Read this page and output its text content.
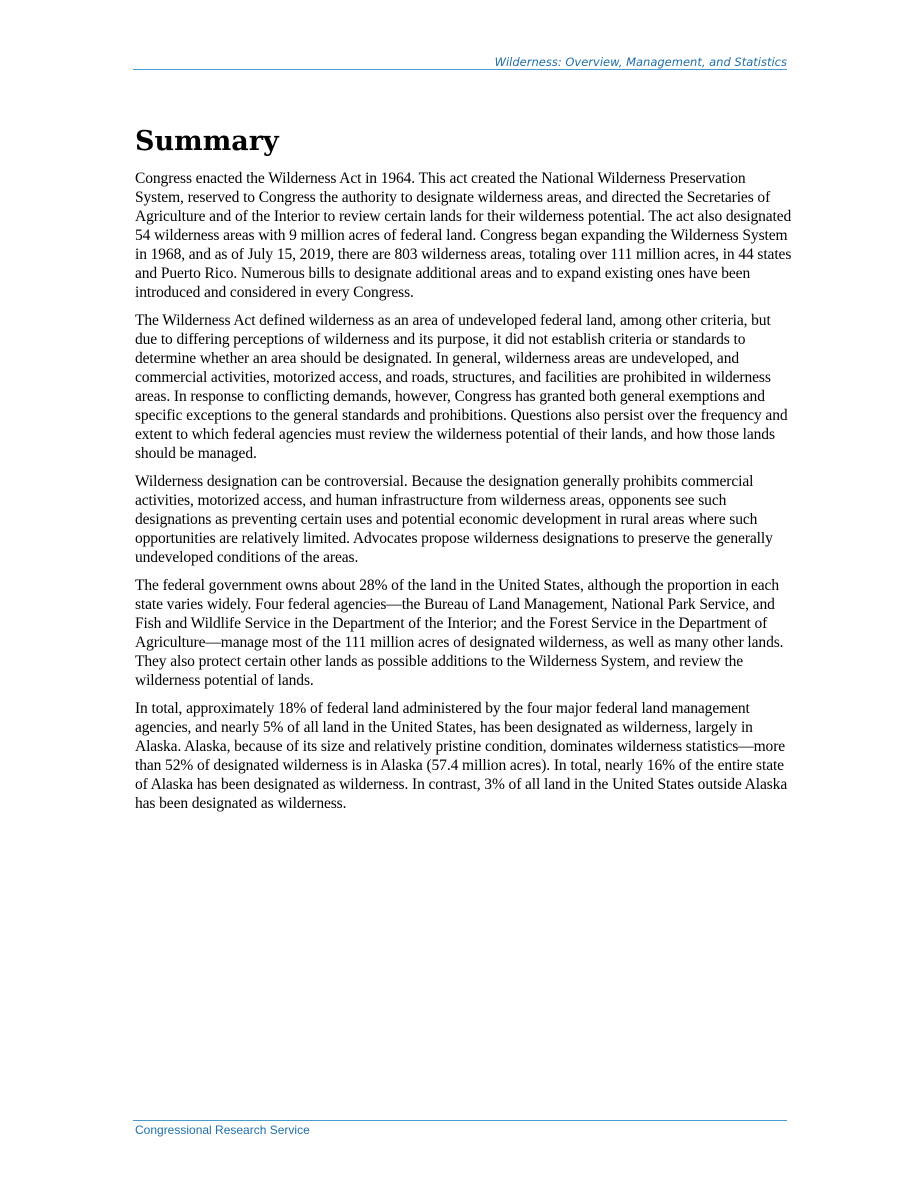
Wilderness: Overview, Management, and Statistics
Summary

Congress enacted the Wilderness Act in 1964. This act created the National Wilderness Preservation System, reserved to Congress the authority to designate wilderness areas, and directed the Secretaries of Agriculture and of the Interior to review certain lands for their wilderness potential. The act also designated 54 wilderness areas with 9 million acres of federal land. Congress began expanding the Wilderness System in 1968, and as of July 15, 2019, there are 803 wilderness areas, totaling over 111 million acres, in 44 states and Puerto Rico. Numerous bills to designate additional areas and to expand existing ones have been introduced and considered in every Congress.

The Wilderness Act defined wilderness as an area of undeveloped federal land, among other criteria, but due to differing perceptions of wilderness and its purpose, it did not establish criteria or standards to determine whether an area should be designated. In general, wilderness areas are undeveloped, and commercial activities, motorized access, and roads, structures, and facilities are prohibited in wilderness areas. In response to conflicting demands, however, Congress has granted both general exemptions and specific exceptions to the general standards and prohibitions. Questions also persist over the frequency and extent to which federal agencies must review the wilderness potential of their lands, and how those lands should be managed.

Wilderness designation can be controversial. Because the designation generally prohibits commercial activities, motorized access, and human infrastructure from wilderness areas, opponents see such designations as preventing certain uses and potential economic development in rural areas where such opportunities are relatively limited. Advocates propose wilderness designations to preserve the generally undeveloped conditions of the areas.

The federal government owns about 28% of the land in the United States, although the proportion in each state varies widely. Four federal agencies—the Bureau of Land Management, National Park Service, and Fish and Wildlife Service in the Department of the Interior; and the Forest Service in the Department of Agriculture—manage most of the 111 million acres of designated wilderness, as well as many other lands. They also protect certain other lands as possible additions to the Wilderness System, and review the wilderness potential of lands.

In total, approximately 18% of federal land administered by the four major federal land management agencies, and nearly 5% of all land in the United States, has been designated as wilderness, largely in Alaska. Alaska, because of its size and relatively pristine condition, dominates wilderness statistics—more than 52% of designated wilderness is in Alaska (57.4 million acres). In total, nearly 16% of the entire state of Alaska has been designated as wilderness. In contrast, 3% of all land in the United States outside Alaska has been designated as wilderness.

Congressional Research Service
